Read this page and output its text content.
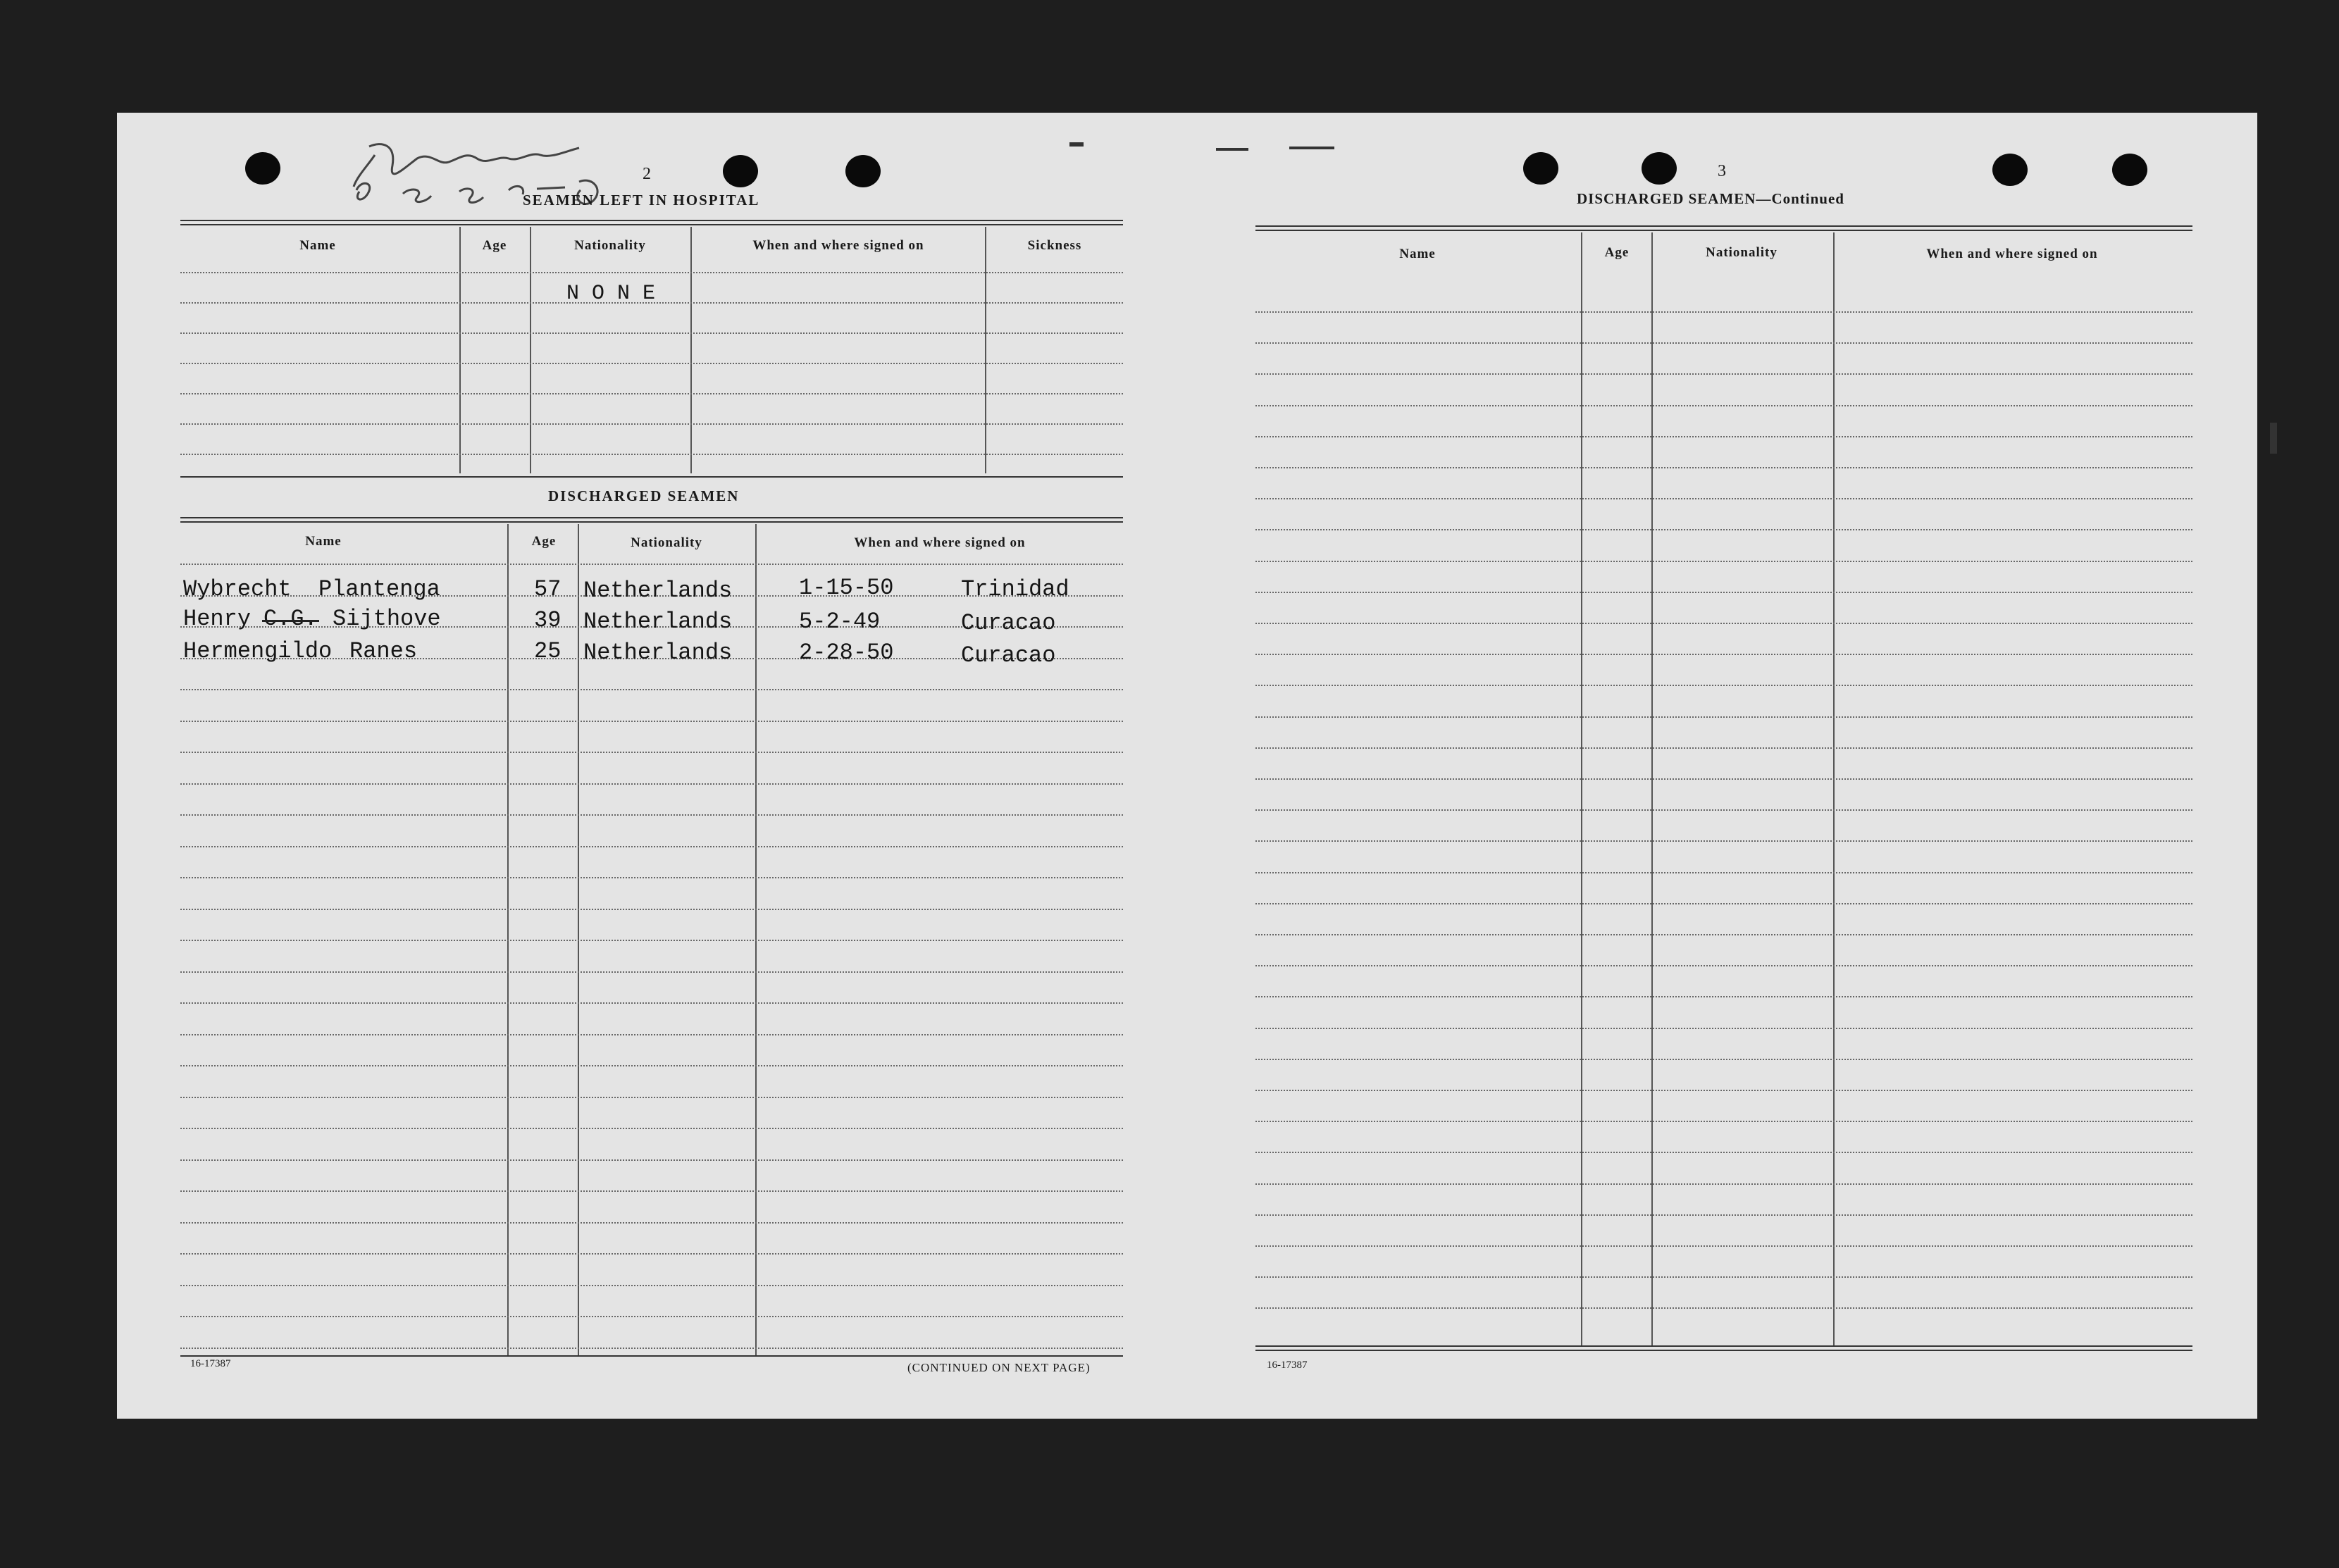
2
SEAMEN LEFT IN HOSPITAL
Name	Age	Nationality	When and where signed on	Sickness
N O N E
DISCHARGED SEAMEN
Name	Age	Nationality	When and where signed on
Wybrecht Plantenga	57 Netherlands	1-15-50	Trinidad
Henry C.G. Sijthove	39 Netherlands	5-2-49	Curacao
Hermengildo Ranes	25 Netherlands	2-28-50	Curacao
16-17387	(CONTINUED ON NEXT PAGE)
3
DISCHARGED SEAMEN—Continued
Name	Age	Nationality	When and where signed on
16-17387
